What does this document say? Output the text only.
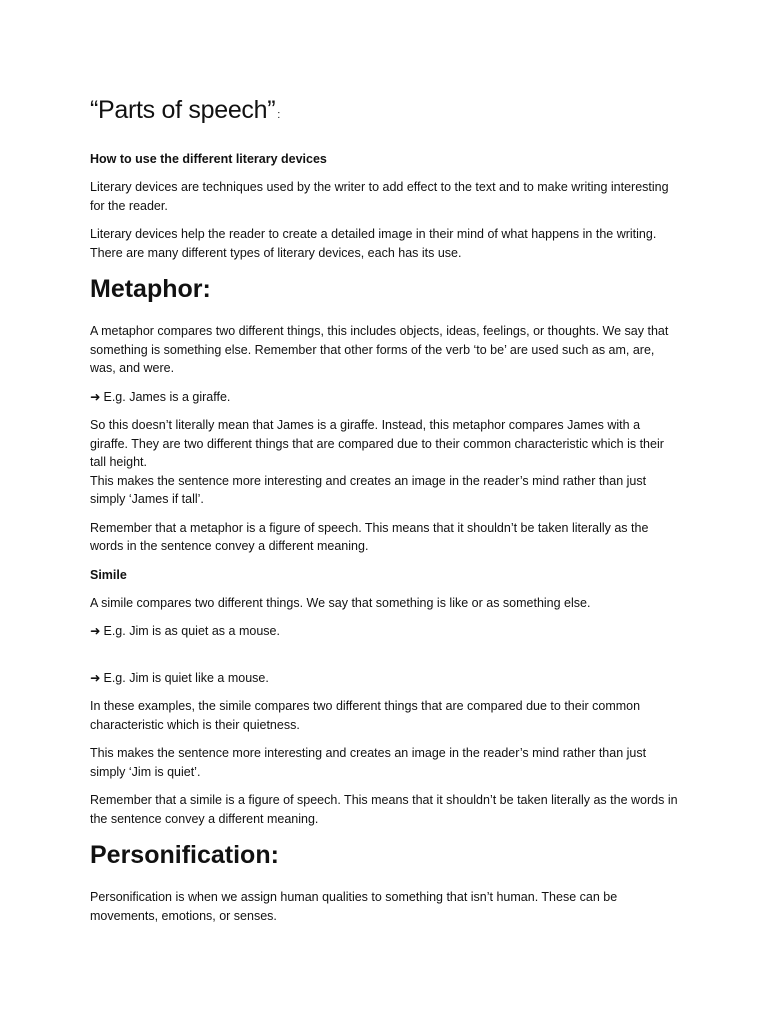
“Parts of speech” :
How to use the different literary devices

Literary devices are techniques used by the writer to add effect to the text and to make writing interesting for the reader.

Literary devices help the reader to create a detailed image in their mind of what happens in the writing. There are many different types of literary devices, each has its use.

Metaphor:

A metaphor compares two different things, this includes objects, ideas, feelings, or thoughts. We say that something is something else. Remember that other forms of the verb ‘to be’ are used such as am, are, was, and were.

➜ E.g. James is a giraffe.

So this doesn’t literally mean that James is a giraffe. Instead, this metaphor compares James with a giraffe. They are two different things that are compared due to their common characteristic which is their tall height.
This makes the sentence more interesting and creates an image in the reader’s mind rather than just simply ‘James if tall’.

Remember that a metaphor is a figure of speech. This means that it shouldn’t be taken literally as the words in the sentence convey a different meaning.

Simile

A simile compares two different things. We say that something is like or as something else.

➜ E.g. Jim is as quiet as a mouse.

➜ E.g. Jim is quiet like a mouse.

In these examples, the simile compares two different things that are compared due to their common characteristic which is their quietness.

This makes the sentence more interesting and creates an image in the reader’s mind rather than just simply ‘Jim is quiet’.

Remember that a simile is a figure of speech. This means that it shouldn’t be taken literally as the words in the sentence convey a different meaning.

Personification:

Personification is when we assign human qualities to something that isn’t human. These can be movements, emotions, or senses.
